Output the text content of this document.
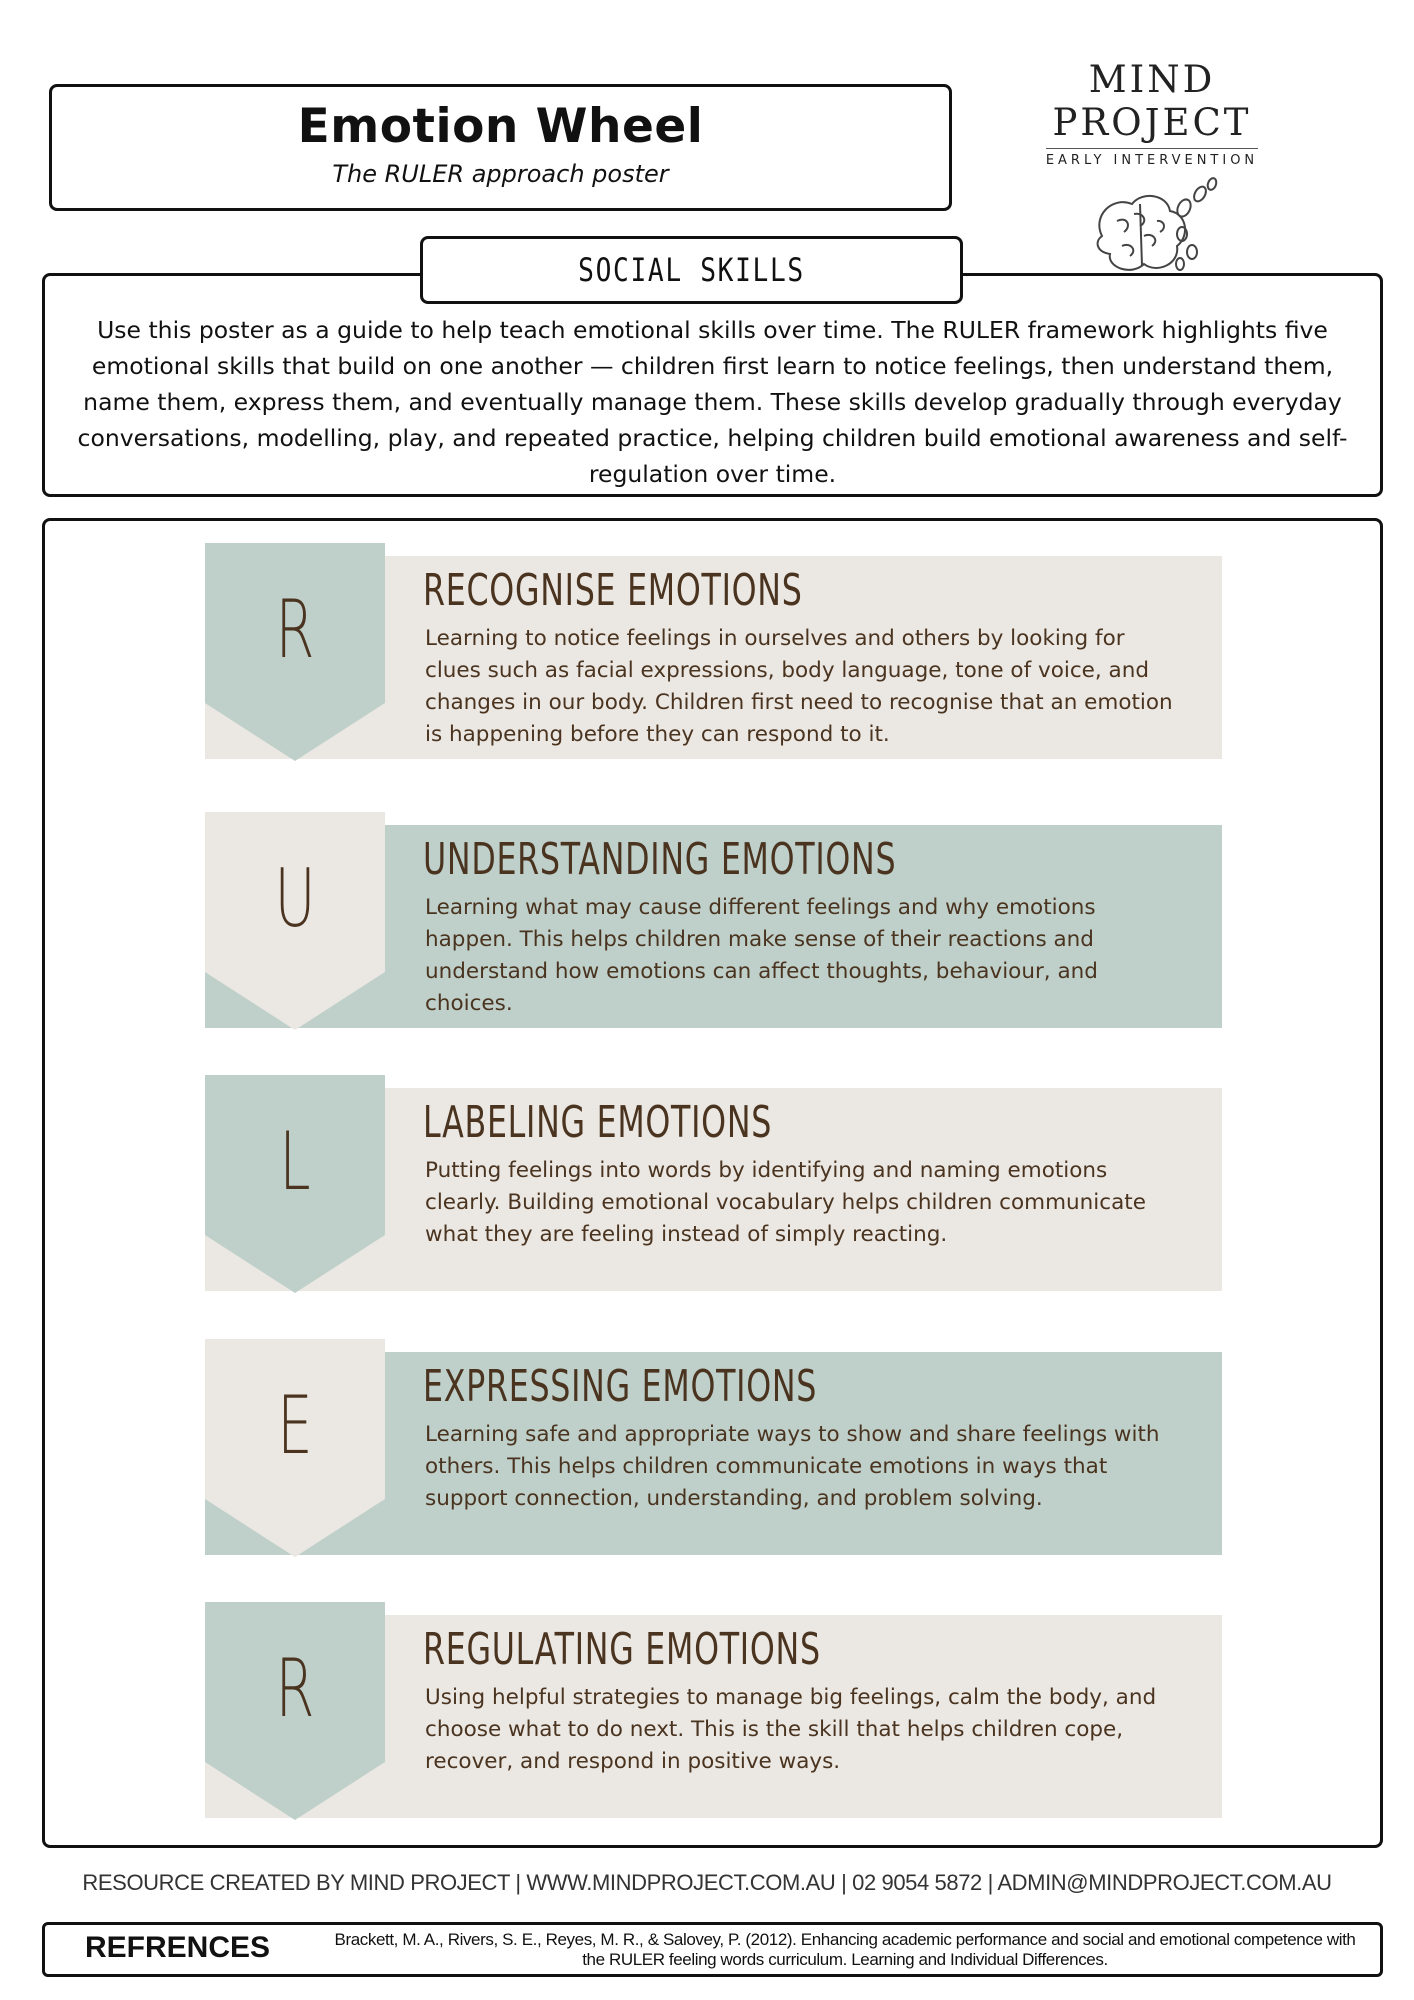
Emotion Wheel
The RULER approach poster
MIND PROJECT
EARLY INTERVENTION
Use this poster as a guide to help teach emotional skills over time. The RULER framework highlights five emotional skills that build on one another — children first learn to notice feelings, then understand them, name them, express them, and eventually manage them. These skills develop gradually through everyday conversations, modelling, play, and repeated practice, helping children build emotional awareness and self-regulation over time.
SOCIAL SKILLS
R	RECOGNISE EMOTIONS
Learning to notice feelings in ourselves and others by looking for clues such as facial expressions, body language, tone of voice, and changes in our body. Children first need to recognise that an emotion is happening before they can respond to it.
U	UNDERSTANDING EMOTIONS
Learning what may cause different feelings and why emotions happen. This helps children make sense of their reactions and understand how emotions can affect thoughts, behaviour, and choices.
L	LABELING EMOTIONS
Putting feelings into words by identifying and naming emotions clearly. Building emotional vocabulary helps children communicate what they are feeling instead of simply reacting.
E	EXPRESSING EMOTIONS
Learning safe and appropriate ways to show and share feelings with others. This helps children communicate emotions in ways that support connection, understanding, and problem solving.
R	REGULATING EMOTIONS
Using helpful strategies to manage big feelings, calm the body, and choose what to do next. This is the skill that helps children cope, recover, and respond in positive ways.
RESOURCE CREATED BY MIND PROJECT | WWW.MINDPROJECT.COM.AU | 02 9054 5872 | ADMIN@MINDPROJECT.COM.AU
REFRENCES	Brackett, M. A., Rivers, S. E., Reyes, M. R., & Salovey, P. (2012). Enhancing academic performance and social and emotional competence with the RULER feeling words curriculum. Learning and Individual Differences.
